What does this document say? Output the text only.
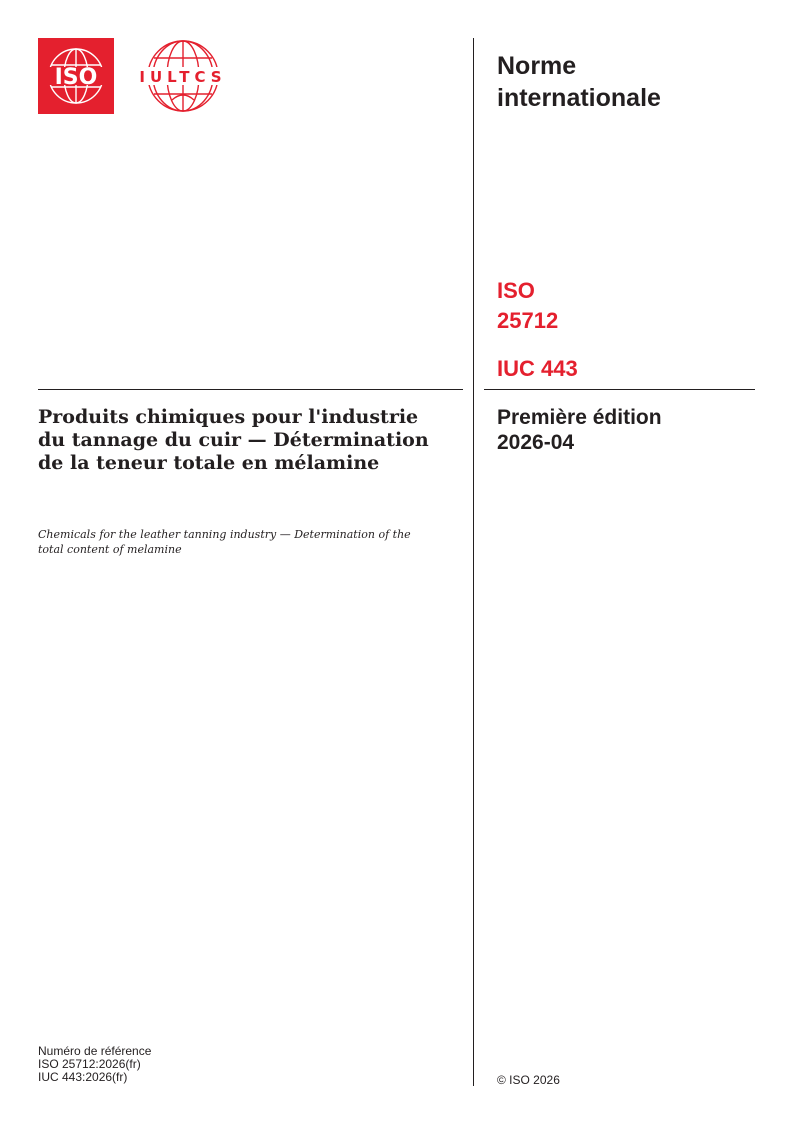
ISO	IULTCS	Norme
internationale
ISO
25712
IUC 443
Première édition
2026-04
Produits chimiques pour l'industrie du tannage du cuir — Détermination de la teneur totale en mélamine

Chemicals for the leather tanning industry — Determination of the total content of melamine

Numéro de référence
ISO 25712:2026(fr)
IUC 443:2026(fr)	© ISO 2026
